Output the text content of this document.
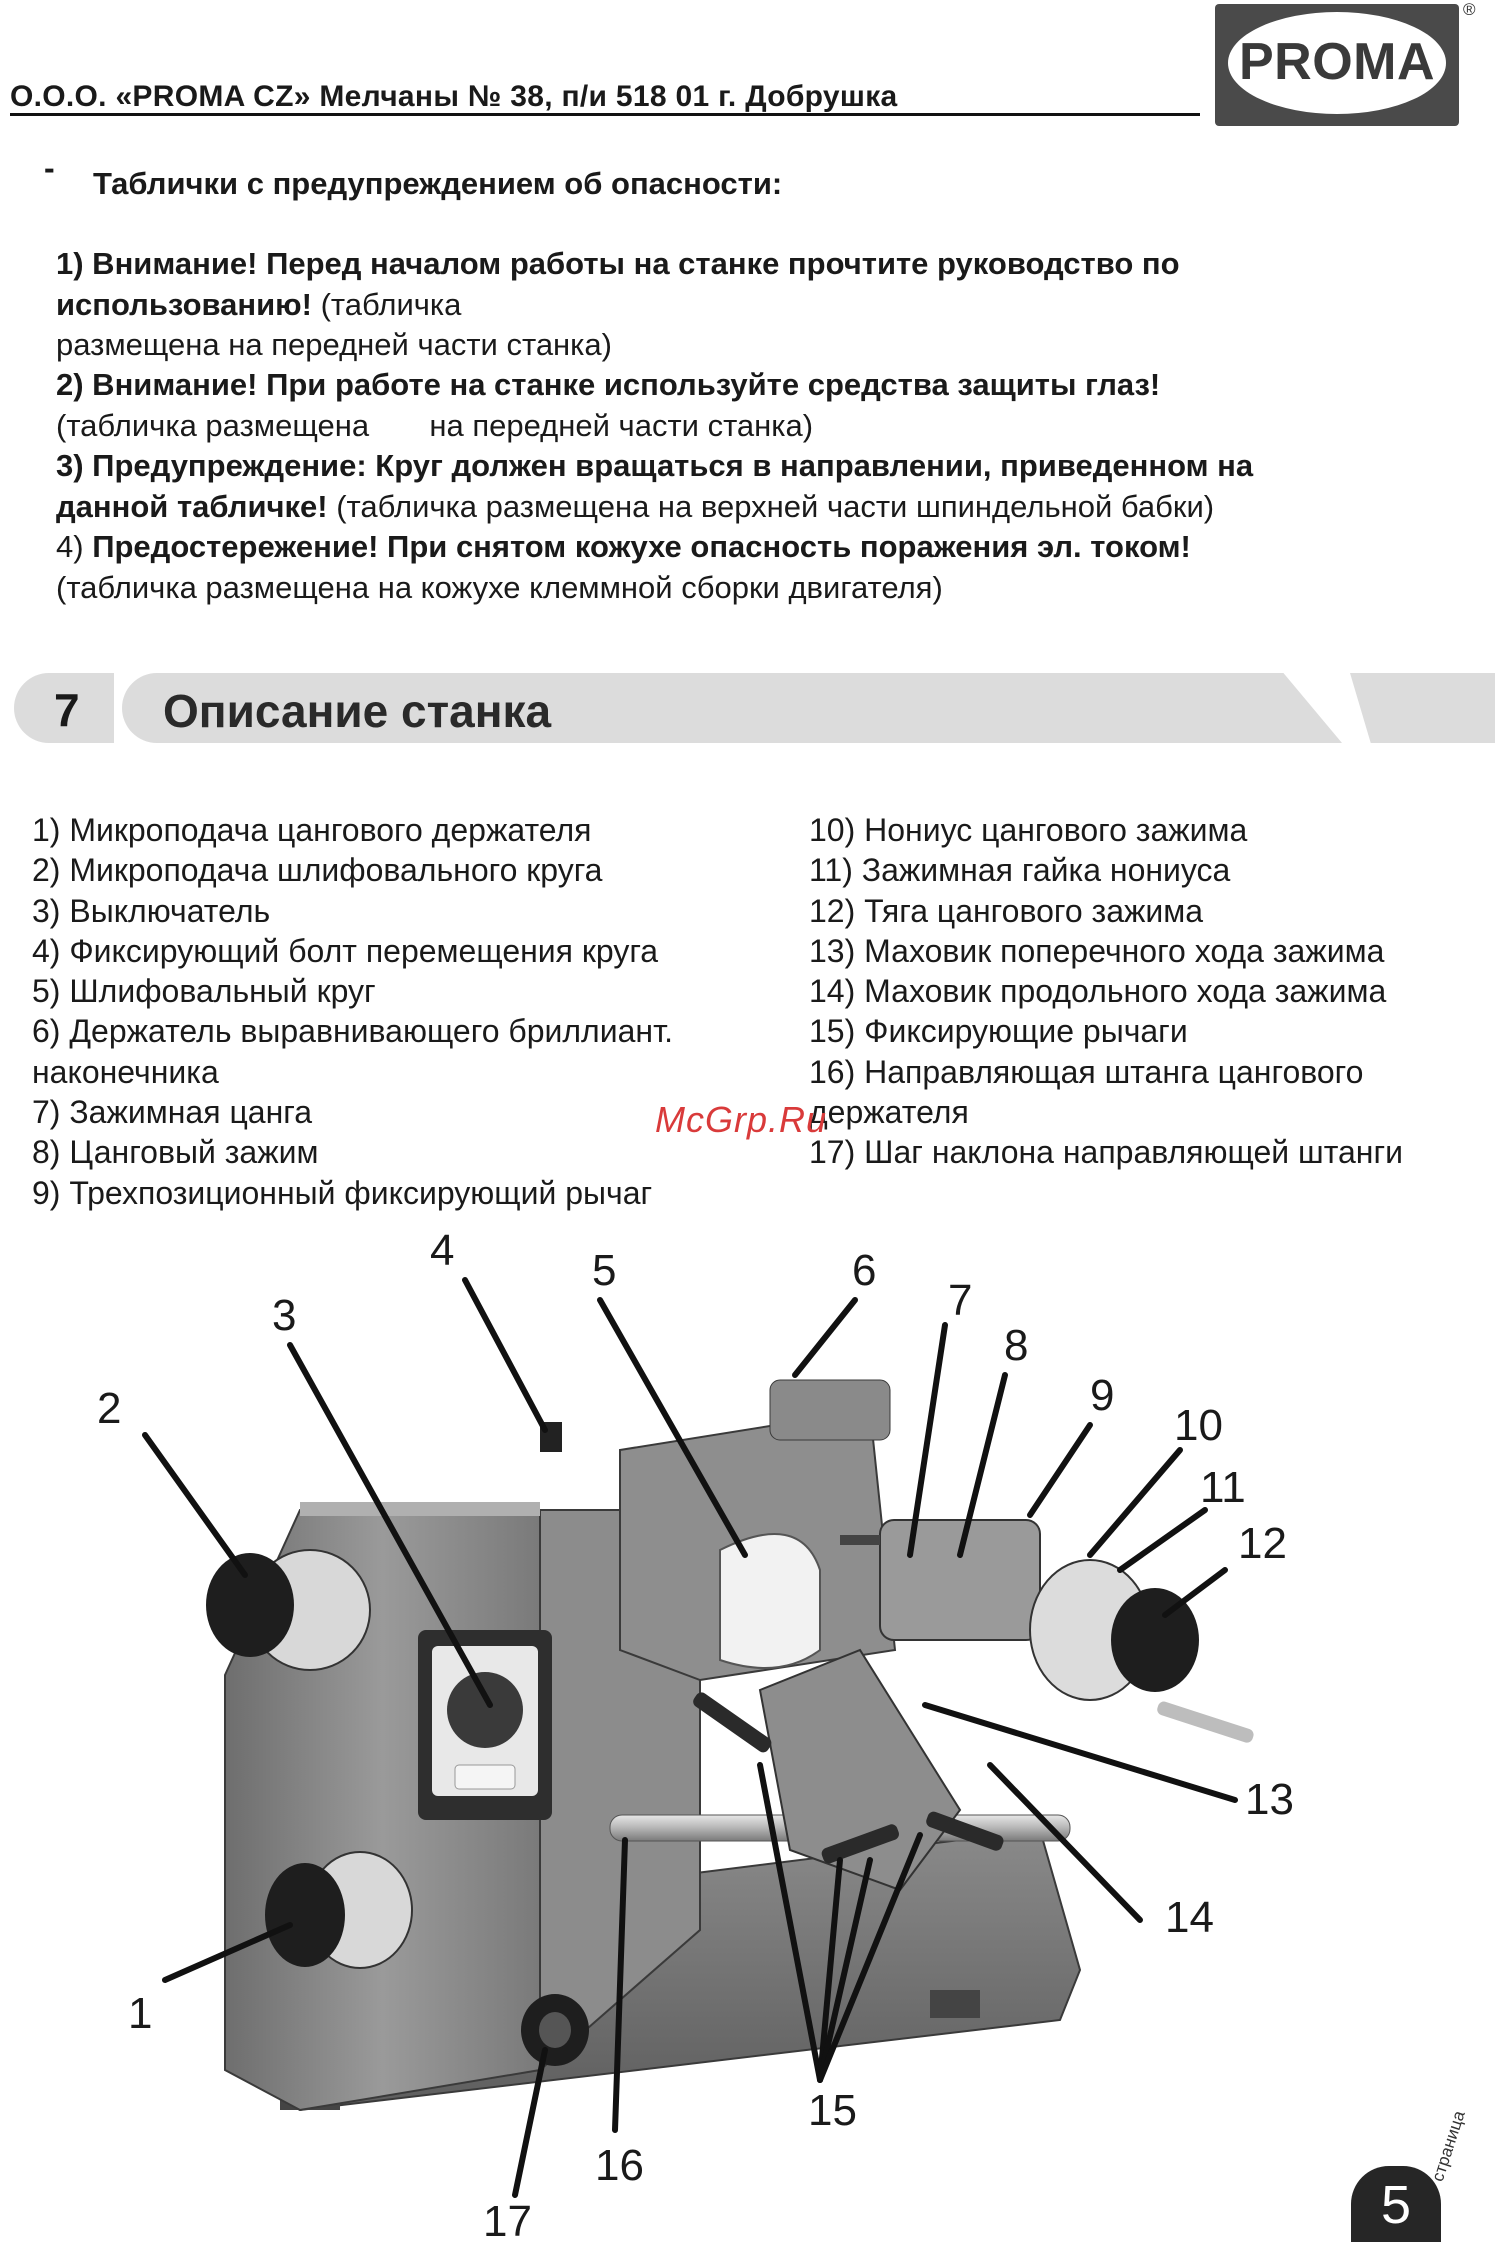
О.О.О. «PROMA CZ» Мелчаны № 38, п/и 518 01 г. Добрушка
PROMA
®
- Таблички с предупреждением об опасности:

1) Внимание! Перед началом работы на станке прочтите руководство по

использованию! (табличка

размещена на передней части станка)

2) Внимание! При работе на станке используйте средства защиты глаз!

(табличка размещена       на передней части станка)

3) Предупреждение: Круг должен вращаться в направлении, приведенном на

данной табличке! (табличка размещена на верхней части шпиндельной бабки)

4) Предостережение! При снятом кожухе опасность поражения эл. током!

(табличка размещена на кожухе клеммной сборки двигателя)

7 Описание станка
1) Микроподача цангового держателя
2) Микроподача шлифовального круга
3) Выключатель
4) Фиксирующий болт перемещения круга
5) Шлифовальный круг
6) Держатель выравнивающего бриллиант.
наконечника
7) Зажимная цанга
8) Цанговый зажим
9) Трехпозиционный фиксирующий рычаг
10) Нониус цангового зажима
11) Зажимная гайка нониуса
12) Тяга цангового зажима
13) Маховик поперечного хода зажима
14) Маховик продольного хода зажима
15) Фиксирующие рычаги
16) Направляющая штанга цангового
держателя
17) Шаг наклона направляющей штанги
McGrp.Ru
1
2
3
4	5	6
7
8
9
10
11
12
13
14
15
16
17	5
страница
